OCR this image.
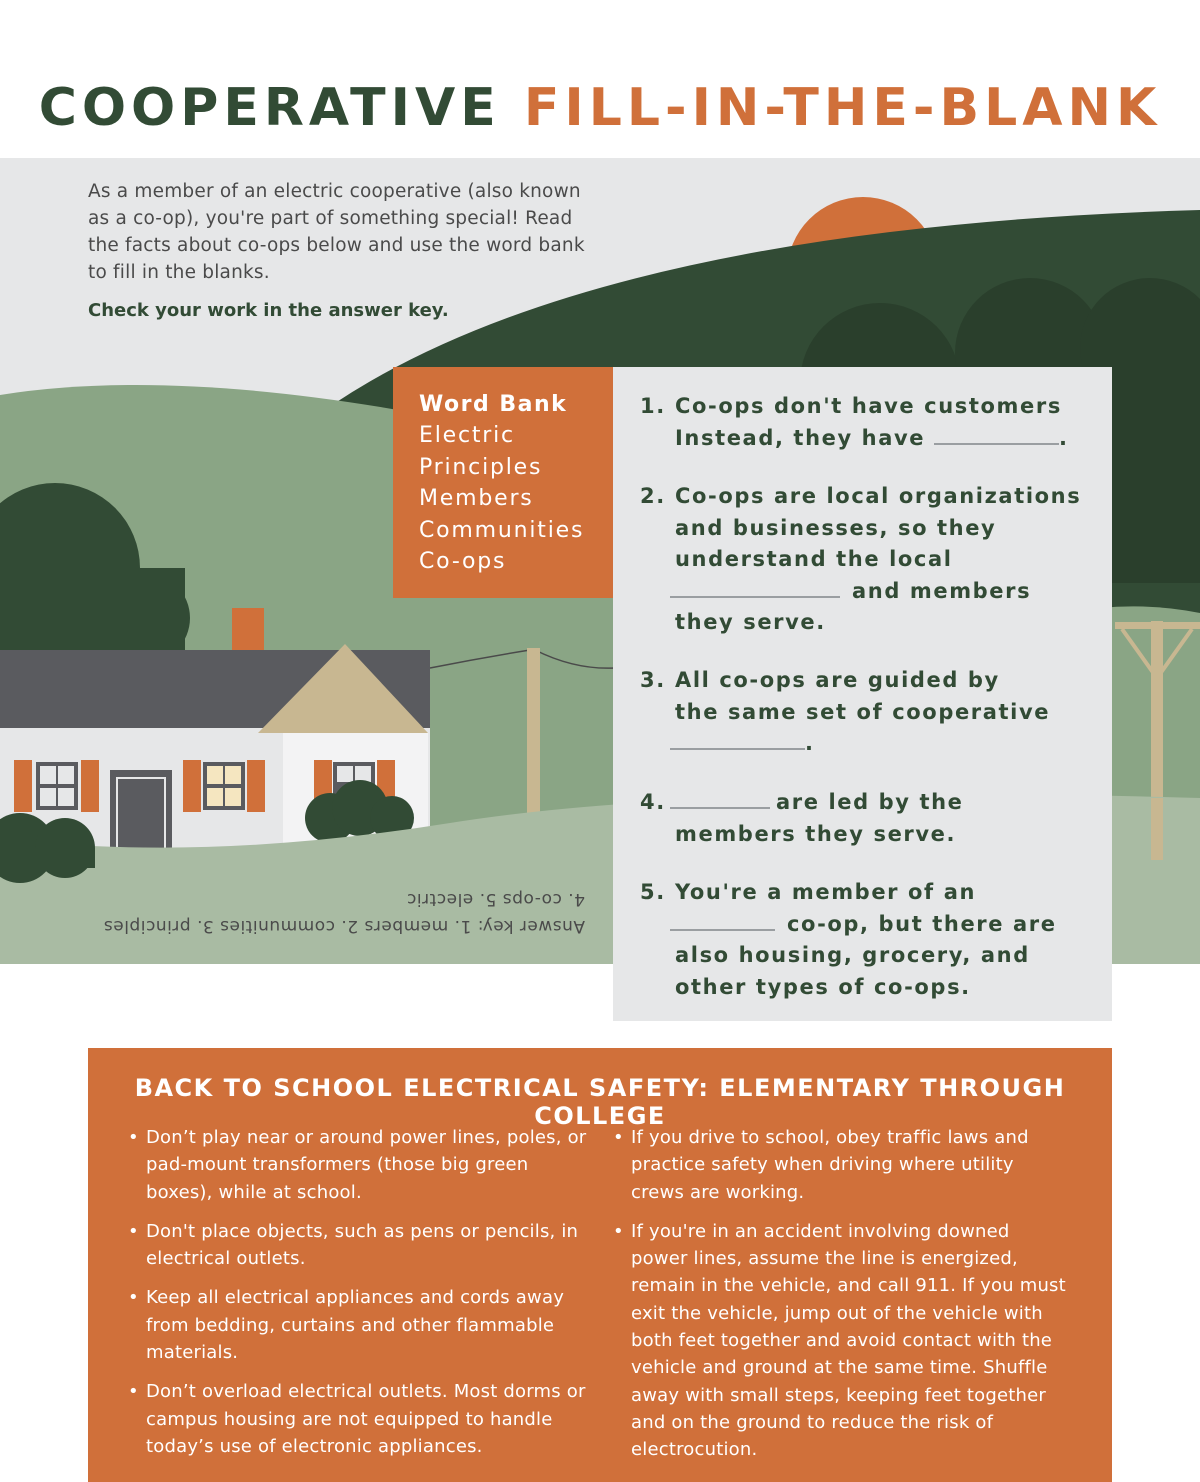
COOPERATIVE FILL-IN-THE-BLANK
As a member of an electric cooperative (also known as a co-op), you're part of something special! Read the facts about co-ops below and use the word bank to fill in the blanks.
Check your work in the answer key.
Word Bank
Electric
Principles
Members
Communities
Co-ops
1. Co-ops don't have customers
Instead, they have	.
2. Co-ops are local organizations
and businesses, so they
understand the local
and members
they serve.
3. All co-ops are guided by
the same set of cooperative
.
4.	are led by the
members they serve.
5. You're a member of an
co-op, but there are
also housing, grocery, and
other types of co-ops.
Answer key: 1. members 2. communities 3. principles
4. co-ops 5. electric
BACK TO SCHOOL ELECTRICAL SAFETY: ELEMENTARY THROUGH COLLEGE
• Don’t play near or around power lines, poles, or pad-mount transformers (those big green boxes), while at school.
• Don't place objects, such as pens or pencils, in electrical outlets.
• Keep all electrical appliances and cords away from bedding, curtains and other flammable materials.
• Don’t overload electrical outlets. Most dorms or campus housing are not equipped to handle today’s use of electronic appliances.
• If you drive to school, obey traffic laws and practice safety when driving where utility crews are working.
• If you're in an accident involving downed power lines, assume the line is energized, remain in the vehicle, and call 911. If you must exit the vehicle, jump out of the vehicle with both feet together and avoid contact with the vehicle and ground at the same time. Shuffle away with small steps, keeping feet together and on the ground to reduce the risk of electrocution.
